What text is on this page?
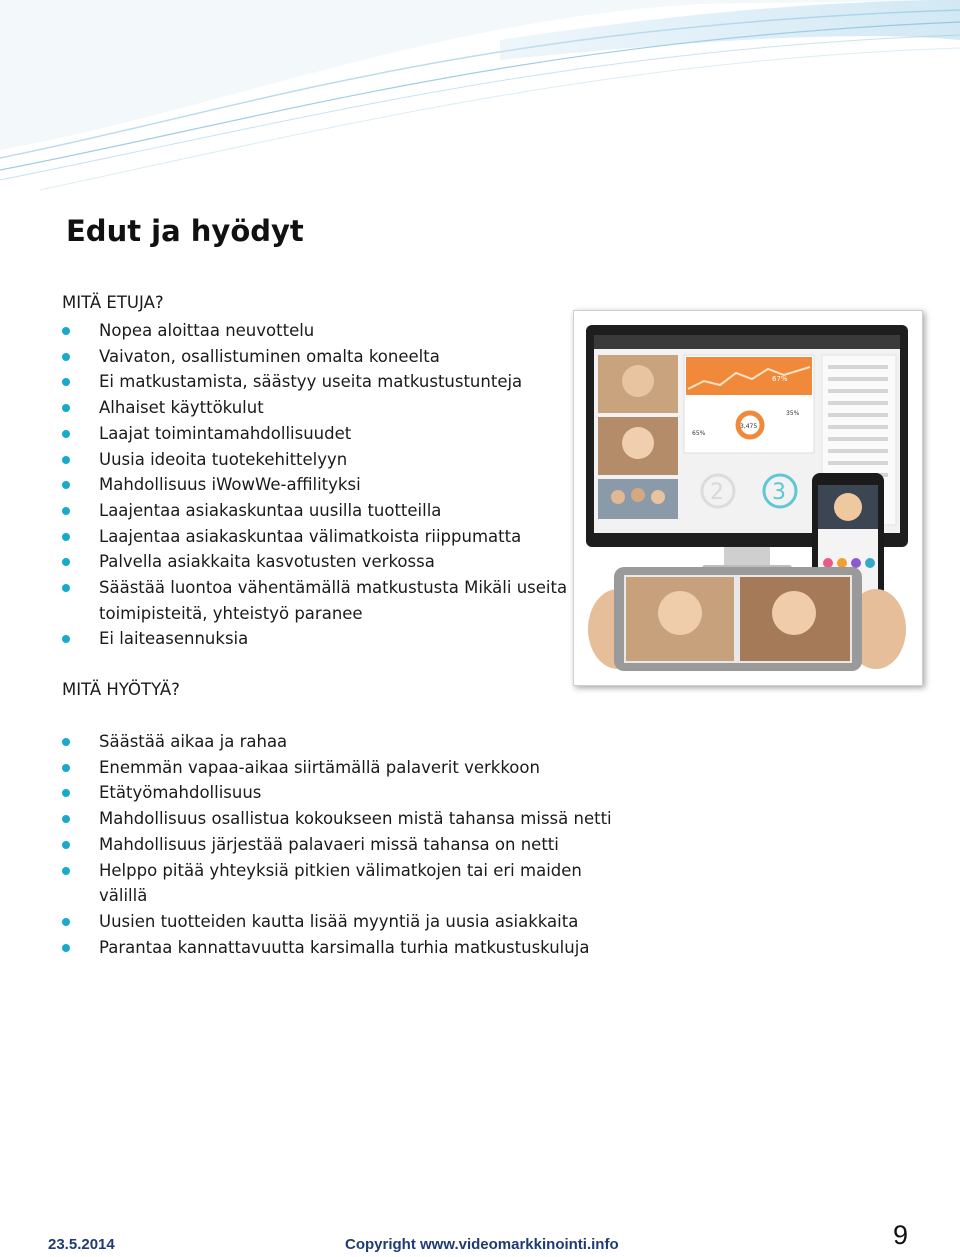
Edut ja hyödyt
MITÄ ETUJA?
Nopea aloittaa neuvottelu
Vaivaton, osallistuminen omalta koneelta
Ei matkustamista, säästyy useita matkustustunteja
Alhaiset käyttökulut
Laajat toimintamahdollisuudet
Uusia ideoita tuotekehittelyyn
Mahdollisuus iWowWe-affilityksi
Laajentaa asiakaskuntaa uusilla tuotteilla
Laajentaa asiakaskuntaa välimatkoista riippumatta
Palvella asiakkaita kasvotusten verkossa
Säästää luontoa vähentämällä matkustusta Mikäli useita toimipisteitä, yhteistyö paranee
Ei laiteasennuksia
MITÄ HYÖTYÄ?
Säästää aikaa ja rahaa
Enemmän vapaa-aikaa siirtämällä palaverit verkkoon
Etätyömahdollisuus
Mahdollisuus osallistua kokoukseen mistä tahansa missä netti
Mahdollisuus järjestää palavaeri missä tahansa on netti
Helppo pitää yhteyksiä pitkien välimatkojen tai eri maiden välillä
Uusien tuotteiden kautta lisää myyntiä ja uusia asiakkaita
Parantaa kannattavuutta karsimalla turhia matkustuskuluja
67%
3,475
65%
35%
2 3
23.5.2014	Copyright www.videomarkkinointi.info	9
